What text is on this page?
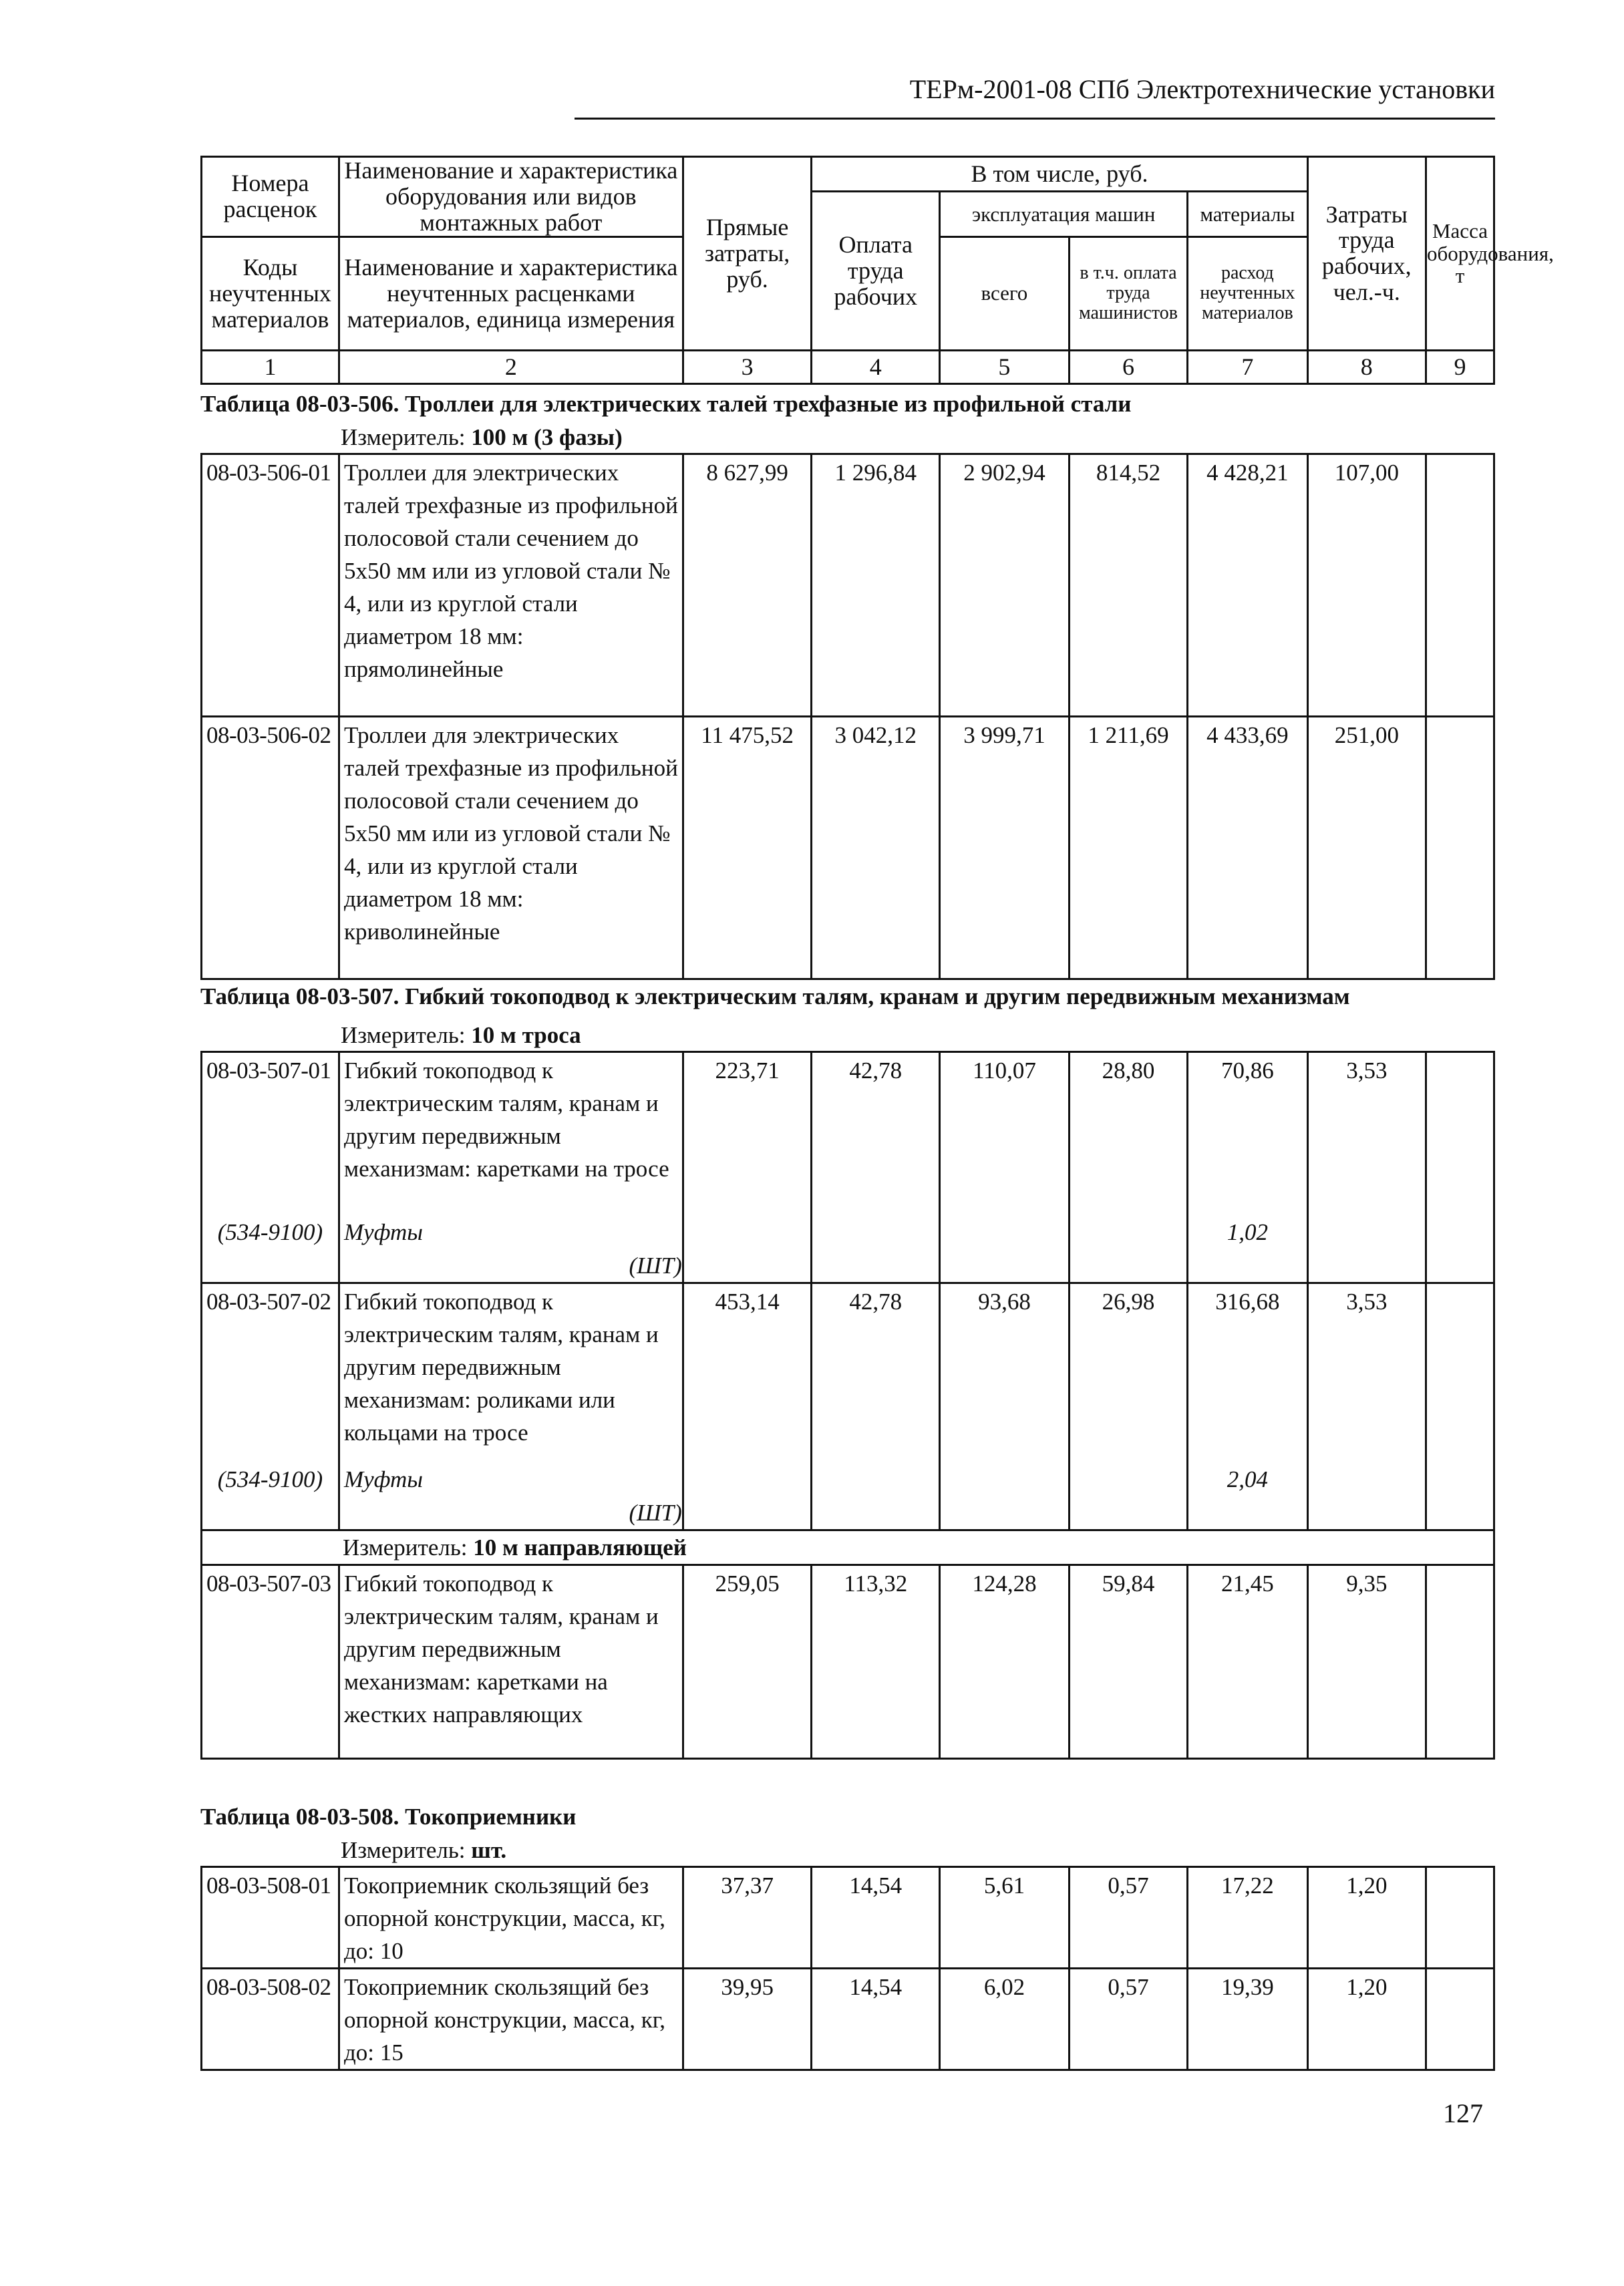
ТЕРм-2001-08 СПб Электротехнические установки
Номера расценок	Наименование и характеристика оборудования или видов монтажных работ	Прямые затраты, руб.	В том числе, руб.				Затраты труда рабочих, чел.-ч.	Масса оборудования, т
			Оплата труда рабочих	эксплуатация машин		материалы		
Коды неучтенных материалов	Наименование и характеристика неучтенных расценками материалов, единица измерения			всего	в т.ч. оплата труда машинистов	расход неучтенных материалов		

1	2	3	4	5	6	7	8	9
Таблица 08-03-506. Троллеи для электрических талей трехфазные из профильной стали
Измеритель: 100 м (3 фазы)
08-03-506-01	Троллеи для электрических талей трехфазные из профильной полосовой стали сечением до 5х50 мм или из угловой стали № 4, или из круглой стали диаметром 18 мм: прямолинейные	8 627,99	1 296,84	2 902,94	814,52	4 428,21	107,00	
08-03-506-02	Троллеи для электрических талей трехфазные из профильной полосовой стали сечением до 5х50 мм или из угловой стали № 4, или из круглой стали диаметром 18 мм: криволинейные	11 475,52	3 042,12	3 999,71	1 211,69	4 433,69	251,00	
Таблица 08-03-507. Гибкий токоподвод к электрическим талям, кранам и другим передвижным механизмам
Измеритель: 10 м троса
08-03-507-01	Гибкий токоподвод к электрическим талям, кранам и другим передвижным механизмам: каретками на тросе	223,71	42,78	110,07	28,80	70,86	3,53	
(534-9100)	Муфты					1,02		
	(ШТ)							
08-03-507-02	Гибкий токоподвод к электрическим талям, кранам и другим передвижным механизмам: роликами или кольцами на тросе	453,14	42,78	93,68	26,98	316,68	3,53	
(534-9100)	Муфты					2,04		
	(ШТ)							
Измеритель: 10 м направляющей								
08-03-507-03	Гибкий токоподвод к электрическим талям, кранам и другим передвижным механизмам: каретками на жестких направляющих	259,05	113,32	124,28	59,84	21,45	9,35	
Таблица 08-03-508. Токоприемники
Измеритель: шт.
08-03-508-01	Токоприемник скользящий без опорной конструкции, масса, кг, до: 10	37,37	14,54	5,61	0,57	17,22	1,20	
08-03-508-02	Токоприемник скользящий без опорной конструкции, масса, кг, до: 15	39,95	14,54	6,02	0,57	19,39	1,20	
127
